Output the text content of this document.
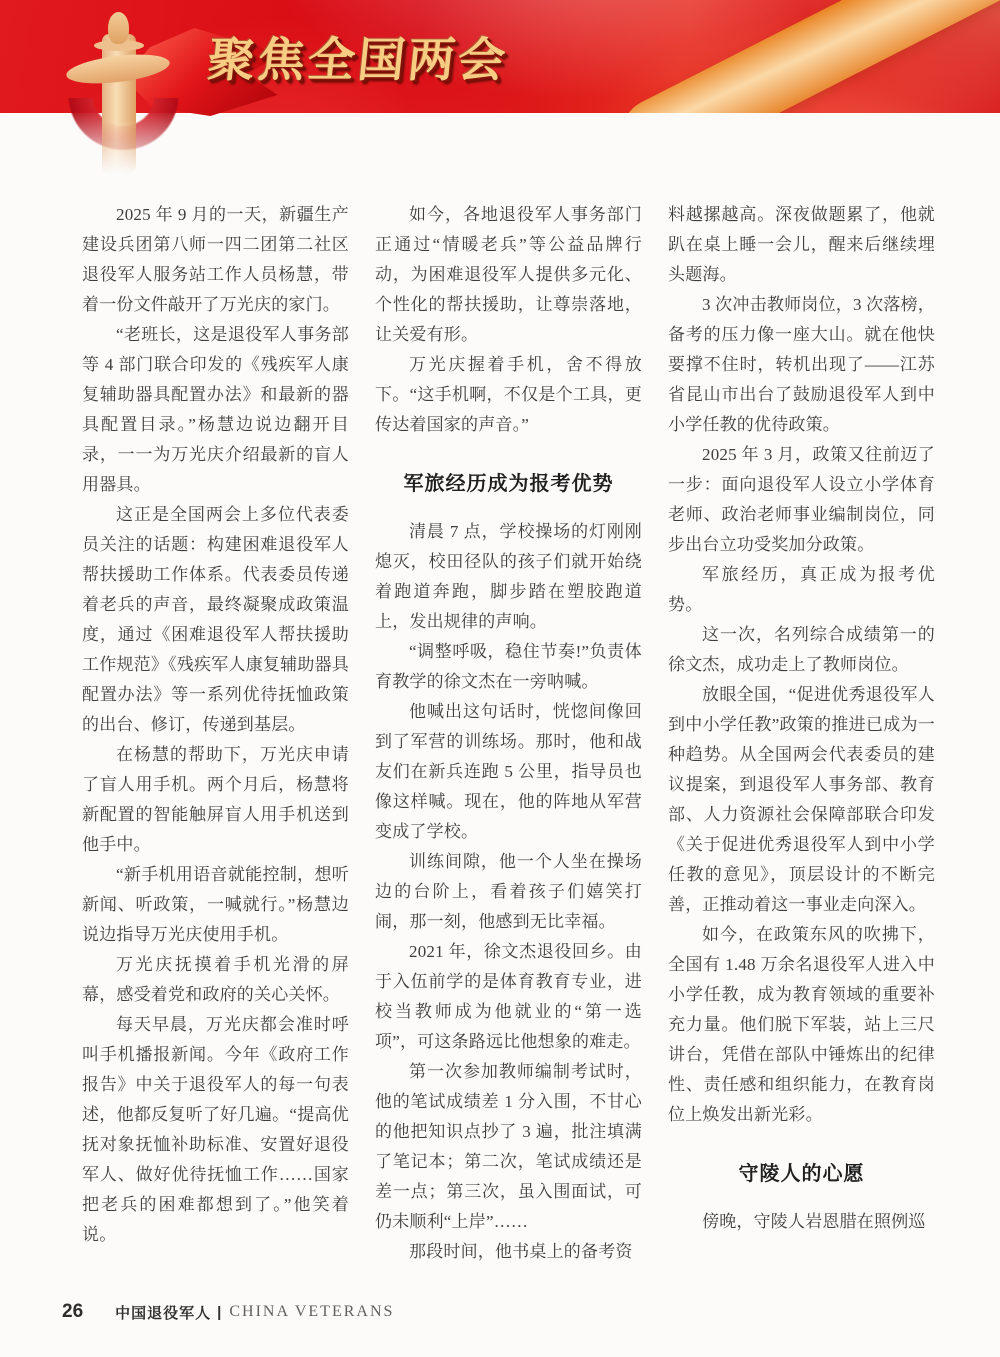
聚焦全国两会

2025 年 9 月的一天，新疆生产建设兵团第八师一四二团第二社区退役军人服务站工作人员杨慧，带着一份文件敲开了万光庆的家门。

“老班长，这是退役军人事务部等 4 部门联合印发的《残疾军人康复辅助器具配置办法》和最新的器具配置目录。”杨慧边说边翻开目录，一一为万光庆介绍最新的盲人用器具。

这正是全国两会上多位代表委员关注的话题：构建困难退役军人帮扶援助工作体系。代表委员传递着老兵的声音，最终凝聚成政策温度，通过《困难退役军人帮扶援助工作规范》《残疾军人康复辅助器具配置办法》等一系列优待抚恤政策的出台、修订，传递到基层。

在杨慧的帮助下，万光庆申请了盲人用手机。两个月后，杨慧将新配置的智能触屏盲人用手机送到他手中。

“新手机用语音就能控制，想听新闻、听政策，一喊就行。”杨慧边说边指导万光庆使用手机。

万光庆抚摸着手机光滑的屏幕，感受着党和政府的关心关怀。

每天早晨，万光庆都会准时呼叫手机播报新闻。今年《政府工作报告》中关于退役军人的每一句表述，他都反复听了好几遍。“提高优抚对象抚恤补助标准、安置好退役军人、做好优待抚恤工作……国家把老兵的困难都想到了。”他笑着说。

如今，各地退役军人事务部门正通过“情暖老兵”等公益品牌行动，为困难退役军人提供多元化、个性化的帮扶援助，让尊崇落地，让关爱有形。

万光庆握着手机，舍不得放下。“这手机啊，不仅是个工具，更传达着国家的声音。”

军旅经历成为报考优势

清晨 7 点，学校操场的灯刚刚熄灭，校田径队的孩子们就开始绕着跑道奔跑，脚步踏在塑胶跑道上，发出规律的声响。

“调整呼吸，稳住节奏!”负责体育教学的徐文杰在一旁呐喊。

他喊出这句话时，恍惚间像回到了军营的训练场。那时，他和战友们在新兵连跑 5 公里，指导员也像这样喊。现在，他的阵地从军营变成了学校。

训练间隙，他一个人坐在操场边的台阶上，看着孩子们嬉笑打闹，那一刻，他感到无比幸福。

2021 年，徐文杰退役回乡。由于入伍前学的是体育教育专业，进校当教师成为他就业的“第一选项”，可这条路远比他想象的难走。

第一次参加教师编制考试时，他的笔试成绩差 1 分入围，不甘心的他把知识点抄了 3 遍，批注填满了笔记本；第二次，笔试成绩还是差一点；第三次，虽入围面试，可仍未顺利“上岸”……

那段时间，他书桌上的备考资

料越摞越高。深夜做题累了，他就趴在桌上睡一会儿，醒来后继续埋头题海。

3 次冲击教师岗位，3 次落榜，备考的压力像一座大山。就在他快要撑不住时，转机出现了——江苏省昆山市出台了鼓励退役军人到中小学任教的优待政策。

2025 年 3 月，政策又往前迈了一步：面向退役军人设立小学体育老师、政治老师事业编制岗位，同步出台立功受奖加分政策。

军旅经历，真正成为报考优势。

这一次，名列综合成绩第一的徐文杰，成功走上了教师岗位。

放眼全国，“促进优秀退役军人到中小学任教”政策的推进已成为一种趋势。从全国两会代表委员的建议提案，到退役军人事务部、教育部、人力资源社会保障部联合印发《关于促进优秀退役军人到中小学任教的意见》，顶层设计的不断完善，正推动着这一事业走向深入。

如今，在政策东风的吹拂下，全国有 1.48 万余名退役军人进入中小学任教，成为教育领域的重要补充力量。他们脱下军装，站上三尺讲台，凭借在部队中锤炼出的纪律性、责任感和组织能力，在教育岗位上焕发出新光彩。

守陵人的心愿

傍晚，守陵人岩恩腊在照例巡

26 中国退役军人 | CHINA VETERANS
